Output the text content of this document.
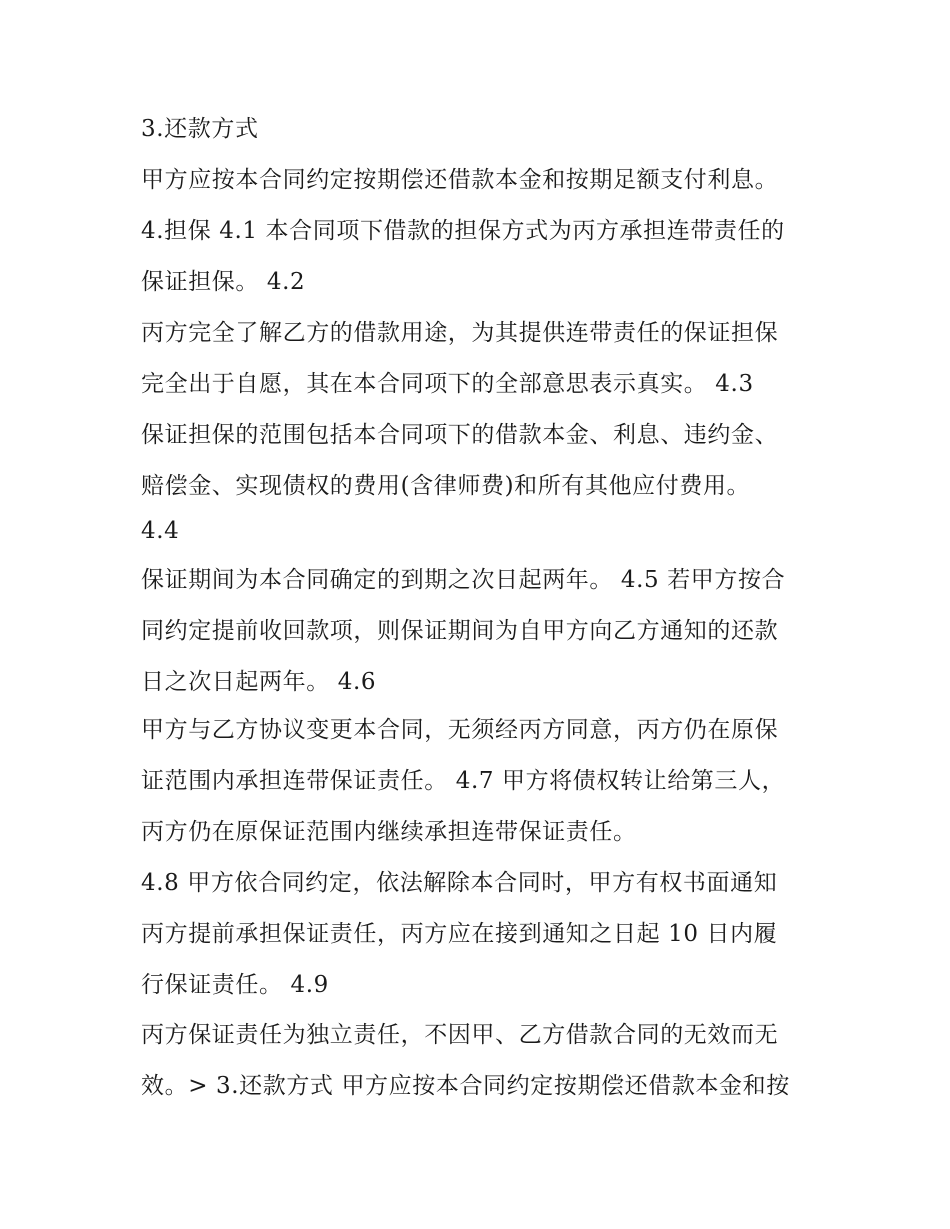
3.还款方式
甲方应按本合同约定按期偿还借款本金和按期足额支付利息。
4.担保 4.1 本合同项下借款的担保方式为丙方承担连带责任的
保证担保。 4.2
丙方完全了解乙方的借款用途，为其提供连带责任的保证担保
完全出于自愿，其在本合同项下的全部意思表示真实。 4.3
保证担保的范围包括本合同项下的借款本金、利息、违约金、
赔偿金、实现债权的费用(含律师费)和所有其他应付费用。
4.4
保证期间为本合同确定的到期之次日起两年。 4.5 若甲方按合
同约定提前收回款项，则保证期间为自甲方向乙方通知的还款
日之次日起两年。 4.6
甲方与乙方协议变更本合同，无须经丙方同意，丙方仍在原保
证范围内承担连带保证责任。 4.7 甲方将债权转让给第三人，
丙方仍在原保证范围内继续承担连带保证责任。
4.8 甲方依合同约定，依法解除本合同时，甲方有权书面通知
丙方提前承担保证责任，丙方应在接到通知之日起 10 日内履
行保证责任。 4.9
丙方保证责任为独立责任，不因甲、乙方借款合同的无效而无
效。> 3.还款方式 甲方应按本合同约定按期偿还借款本金和按
